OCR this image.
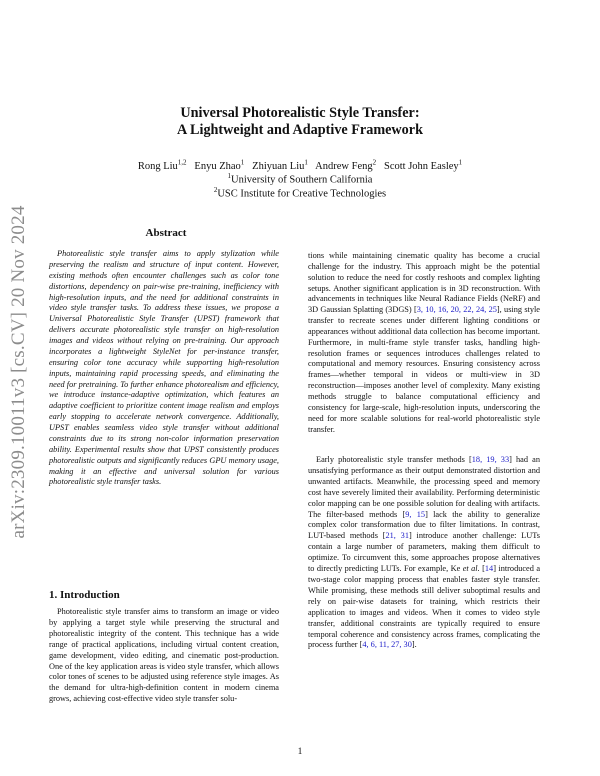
arXiv:2309.10011v3 [cs.CV] 20 Nov 2024
Universal Photorealistic Style Transfer:
A Lightweight and Adaptive Framework
Rong Liu$^{1,2}$ Enyu Zhao$^1$ Zhiyuan Liu$^1$ Andrew Feng$^2$ Scott John Easley$^1$
$^1$University of Southern California
$^2$USC Institute for Creative Technologies
Abstract

Photorealistic style transfer aims to apply stylization while preserving the realism and structure of input content. However, existing methods often encounter challenges such as color tone distortions, dependency on pair-wise pre-training, inefficiency with high-resolution inputs, and the need for additional constraints in video style transfer tasks. To address these issues, we propose a Universal Photorealistic Style Transfer (UPST) framework that delivers accurate photorealistic style transfer on high-resolution images and videos without relying on pre-training. Our approach incorporates a lightweight StyleNet for per-instance transfer, ensuring color tone accuracy while supporting high-resolution inputs, maintaining rapid processing speeds, and eliminating the need for pretraining. To further enhance photorealism and efficiency, we introduce instance-adaptive optimization, which features an adaptive coefficient to prioritize content image realism and employs early stopping to accelerate network convergence. Additionally, UPST enables seamless video style transfer without additional constraints due to its strong non-color information preservation ability. Experimental results show that UPST consistently produces photorealistic outputs and significantly reduces GPU memory usage, making it an effective and universal solution for various photorealistic style transfer tasks.

1. Introduction

Photorealistic style transfer aims to transform an image or video by applying a target style while preserving the structural and photorealistic integrity of the content. This technique has a wide range of practical applications, including virtual content creation, game development, video editing, and cinematic post-production. One of the key application areas is video style transfer, which allows color tones of scenes to be adjusted using reference style images. As the demand for ultra-high-definition content in modern cinema grows, achieving cost-effective video style transfer solu-

tions while maintaining cinematic quality has become a crucial challenge for the industry. This approach might be the potential solution to reduce the need for costly reshoots and complex lighting setups. Another significant application is in 3D reconstruction. With advancements in techniques like Neural Radiance Fields (NeRF) and 3D Gaussian Splatting (3DGS) [3, 10, 16, 20, 22, 24, 25], using style transfer to recreate scenes under different lighting conditions or appearances without additional data collection has become important. Furthermore, in multi-frame style transfer tasks, handling high-resolution frames or sequences introduces challenges related to computational and memory resources. Ensuring consistency across frames—whether temporal in videos or multi-view in 3D reconstruction—imposes another level of complexity. Many existing methods struggle to balance computational efficiency and consistency for large-scale, high-resolution inputs, underscoring the need for more scalable solutions for real-world photorealistic style transfer.

Early photorealistic style transfer methods [18, 19, 33] had an unsatisfying performance as their output demonstrated distortion and unwanted artifacts. Meanwhile, the processing speed and memory cost have severely limited their availability. Performing deterministic color mapping can be one possible solution for dealing with artifacts. The filter-based methods [9, 15] lack the ability to generalize complex color transformation due to filter limitations. In contrast, LUT-based methods [21, 31] introduce another challenge: LUTs contain a large number of parameters, making them difficult to optimize. To circumvent this, some approaches propose alternatives to directly predicting LUTs. For example, Ke et al. [14] introduced a two-stage color mapping process that enables faster style transfer. While promising, these methods still deliver suboptimal results and rely on pair-wise datasets for training, which restricts their application to images and videos. When it comes to video style transfer, additional constraints are typically required to ensure temporal coherence and consistency across frames, complicating the process further [4, 6, 11, 27, 30].

1
